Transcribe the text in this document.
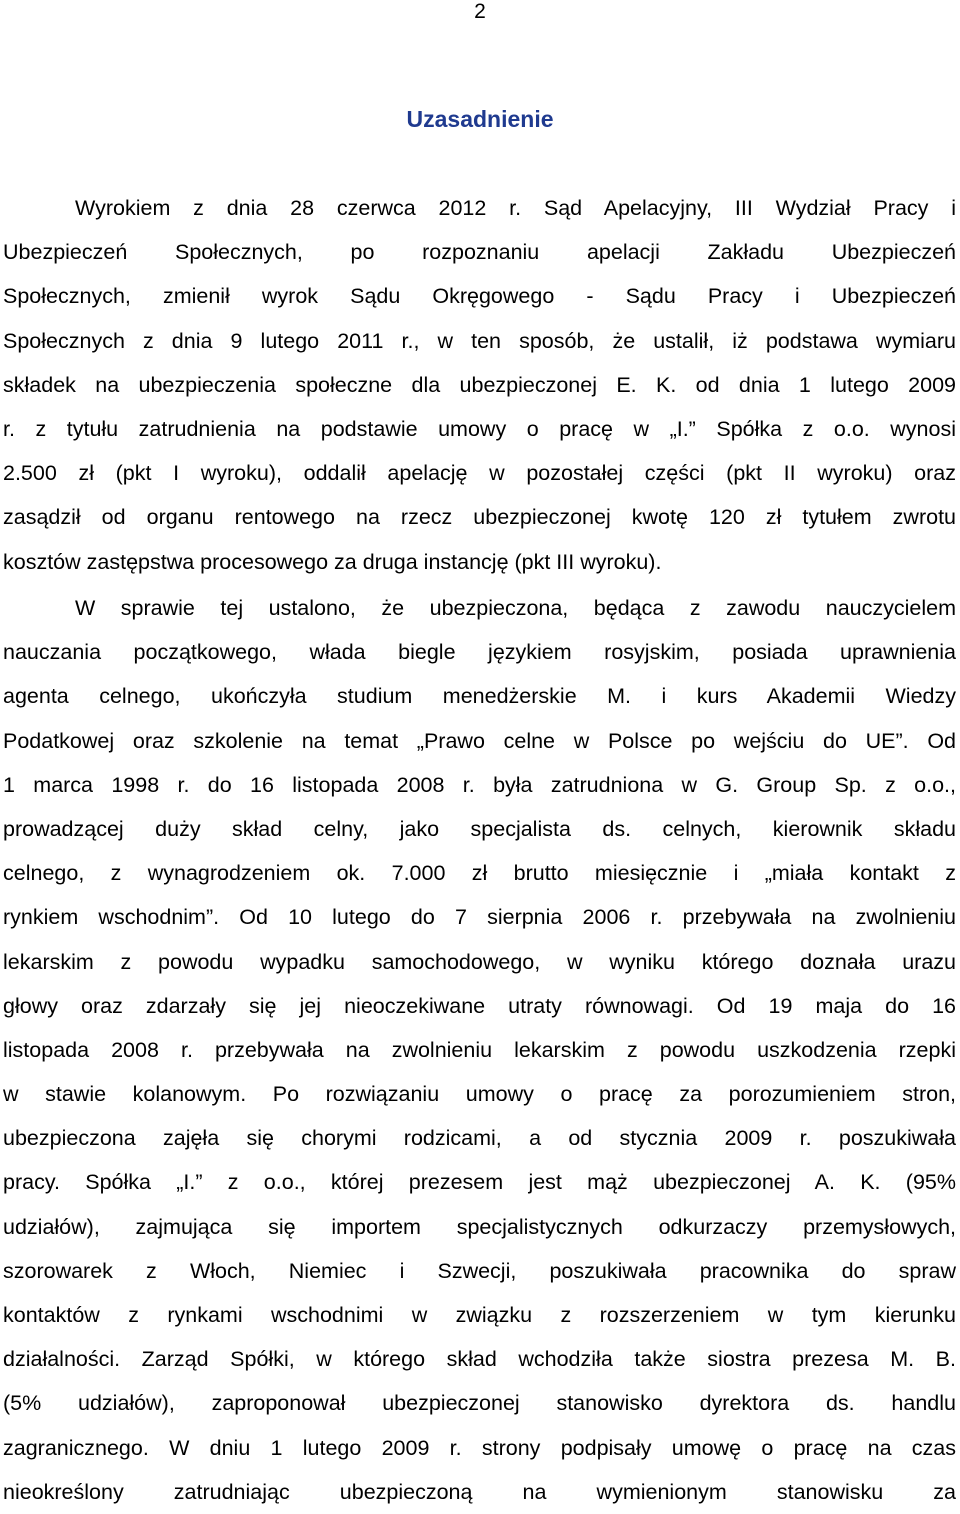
2
Uzasadnienie
Wyrokiem z dnia 28 czerwca 2012 r. Sąd Apelacyjny, III Wydział Pracy i
Ubezpieczeń Społecznych, po rozpoznaniu apelacji Zakładu Ubezpieczeń
Społecznych, zmienił wyrok Sądu Okręgowego - Sądu Pracy i Ubezpieczeń
Społecznych z dnia 9 lutego 2011 r., w ten sposób, że ustalił, iż podstawa wymiaru
składek na ubezpieczenia społeczne dla ubezpieczonej E. K. od dnia 1 lutego 2009
r. z tytułu zatrudnienia na podstawie umowy o pracę w „I.” Spółka z o.o. wynosi
2.500 zł (pkt I wyroku), oddalił apelację w pozostałej części (pkt II wyroku) oraz
zasądził od organu rentowego na rzecz ubezpieczonej kwotę 120 zł tytułem zwrotu
kosztów zastępstwa procesowego za druga instancję (pkt III wyroku).
W sprawie tej ustalono, że ubezpieczona, będąca z zawodu nauczycielem
nauczania początkowego, włada biegle językiem rosyjskim, posiada uprawnienia
agenta celnego, ukończyła studium menedżerskie M. i kurs Akademii Wiedzy
Podatkowej oraz szkolenie na temat „Prawo celne w Polsce po wejściu do UE”. Od
1 marca 1998 r. do 16 listopada 2008 r. była zatrudniona w G. Group Sp. z o.o.,
prowadzącej duży skład celny, jako specjalista ds. celnych, kierownik składu
celnego, z wynagrodzeniem ok. 7.000 zł brutto miesięcznie i „miała kontakt z
rynkiem wschodnim”. Od 10 lutego do 7 sierpnia 2006 r. przebywała na zwolnieniu
lekarskim z powodu wypadku samochodowego, w wyniku którego doznała urazu
głowy oraz zdarzały się jej nieoczekiwane utraty równowagi. Od 19 maja do 16
listopada 2008 r. przebywała na zwolnieniu lekarskim z powodu uszkodzenia rzepki
w stawie kolanowym. Po rozwiązaniu umowy o pracę za porozumieniem stron,
ubezpieczona zajęła się chorymi rodzicami, a od stycznia 2009 r. poszukiwała
pracy. Spółka „I.” z o.o., której prezesem jest mąż ubezpieczonej A. K. (95%
udziałów), zajmująca się importem specjalistycznych odkurzaczy przemysłowych,
szorowarek z Włoch, Niemiec i Szwecji, poszukiwała pracownika do spraw
kontaktów z rynkami wschodnimi w związku z rozszerzeniem w tym kierunku
działalności. Zarząd Spółki, w którego skład wchodziła także siostra prezesa M. B.
(5% udziałów), zaproponował ubezpieczonej stanowisko dyrektora ds. handlu
zagranicznego. W dniu 1 lutego 2009 r. strony podpisały umowę o pracę na czas
nieokreślony zatrudniając ubezpieczoną na wymienionym stanowisku za
